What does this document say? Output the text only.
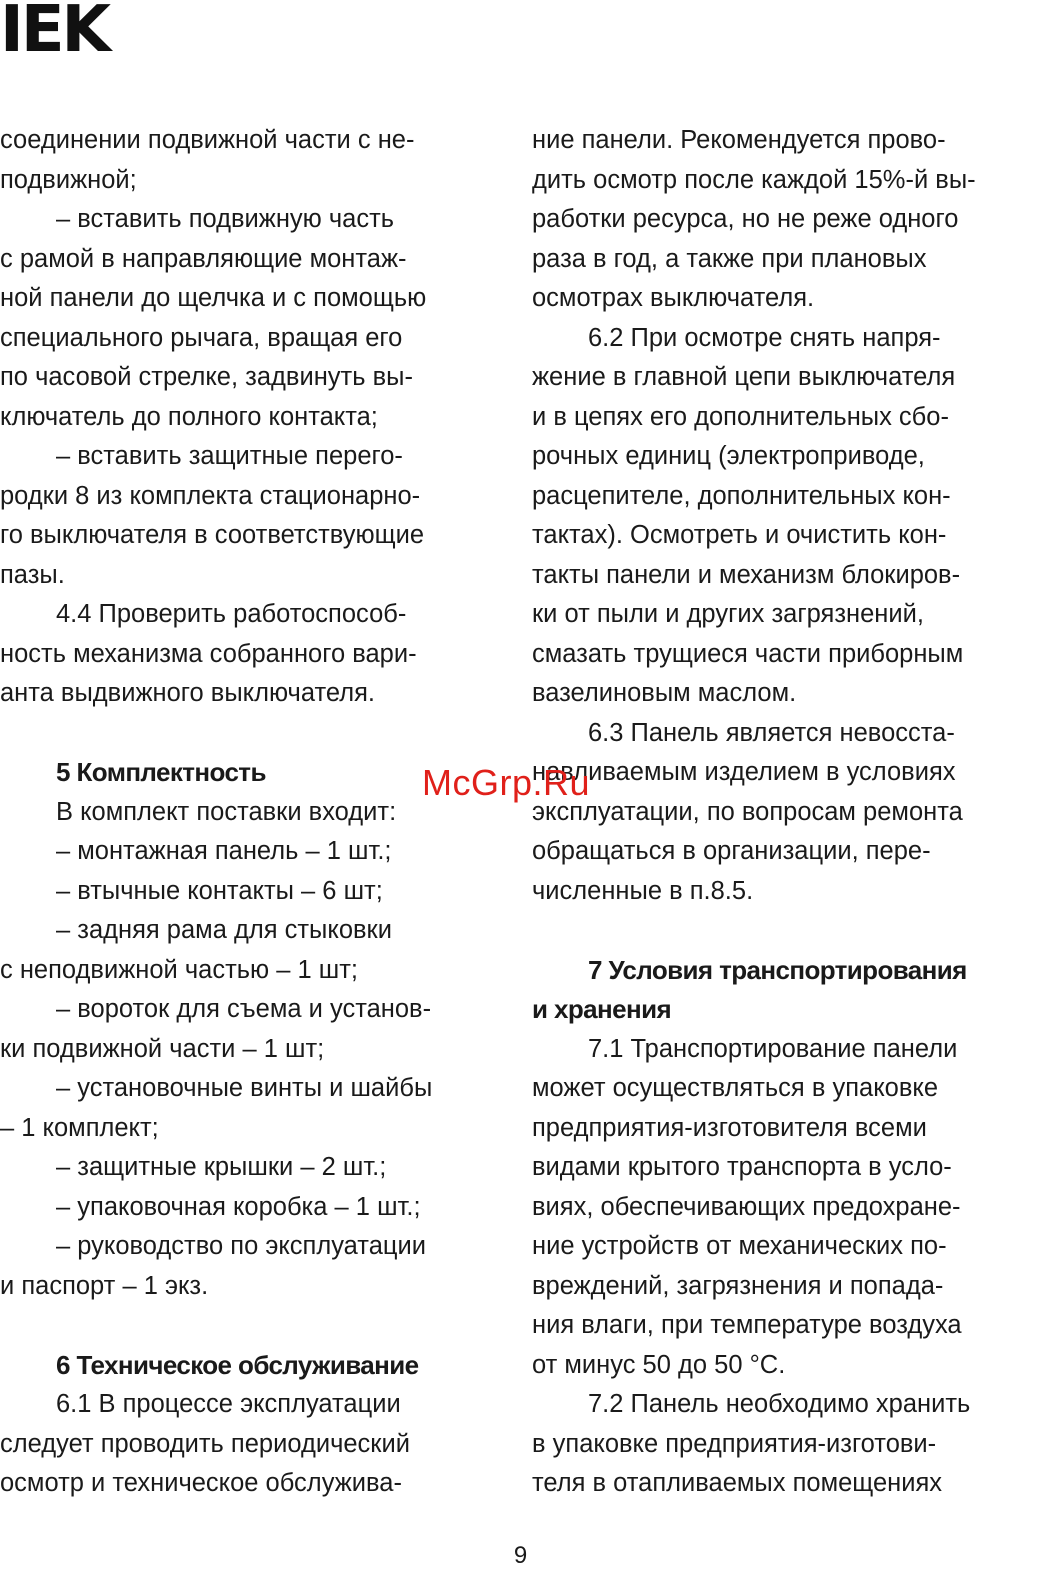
IEK
соединении подвижной части с не-
подвижной;
– вставить подвижную часть
с рамой в направляющие монтаж-
ной панели до щелчка и с помощью
специального рычага, вращая его
по часовой стрелке, задвинуть вы-
ключатель до полного контакта;
– вставить защитные перего-
родки 8 из комплекта стационарно-
го выключателя в соответствующие
пазы.
4.4 Проверить работоспособ-
ность механизма собранного вари-
анта выдвижного выключателя.
5 Комплектность
В комплект поставки входит:
– монтажная панель – 1 шт.;
– втычные контакты – 6 шт;
– задняя рама для стыковки
с неподвижной частью – 1 шт;
– вороток для съема и установ-
ки подвижной части – 1 шт;
– установочные винты и шайбы
– 1 комплект;
– защитные крышки – 2 шт.;
– упаковочная коробка – 1 шт.;
– руководство по эксплуатации
и паспорт – 1 экз.
6 Техническое обслуживание
6.1 В процессе эксплуатации
следует проводить периодический
осмотр и техническое обслужива-
ние панели. Рекомендуется прово-
дить осмотр после каждой 15%-й вы-
работки ресурса, но не реже одного
раза в год, а также при плановых
осмотрах выключателя.
6.2 При осмотре снять напря-
жение в главной цепи выключателя
и в цепях его дополнительных сбо-
рочных единиц (электроприводе,
расцепителе, дополнительных кон-
тактах). Осмотреть и очистить кон-
такты панели и механизм блокиров-
ки от пыли и других загрязнений,
смазать трущиеся части приборным
вазелиновым маслом.
6.3 Панель является невосста-
навливаемым изделием в условиях
эксплуатации, по вопросам ремонта
обращаться в организации, пере-
численные в п.8.5.
7 Условия транспортирования
и хранения
7.1 Транспортирование панели
может осуществляться в упаковке
предприятия-изготовителя всеми
видами крытого транспорта в усло-
виях, обеспечивающих предохране-
ние устройств от механических по-
вреждений, загрязнения и попада-
ния влаги, при температуре воздуха
от минус 50 до 50 °С.
7.2 Панель необходимо хранить
в упаковке предприятия-изготови-
теля в отапливаемых помещениях
McGrp.Ru
9
